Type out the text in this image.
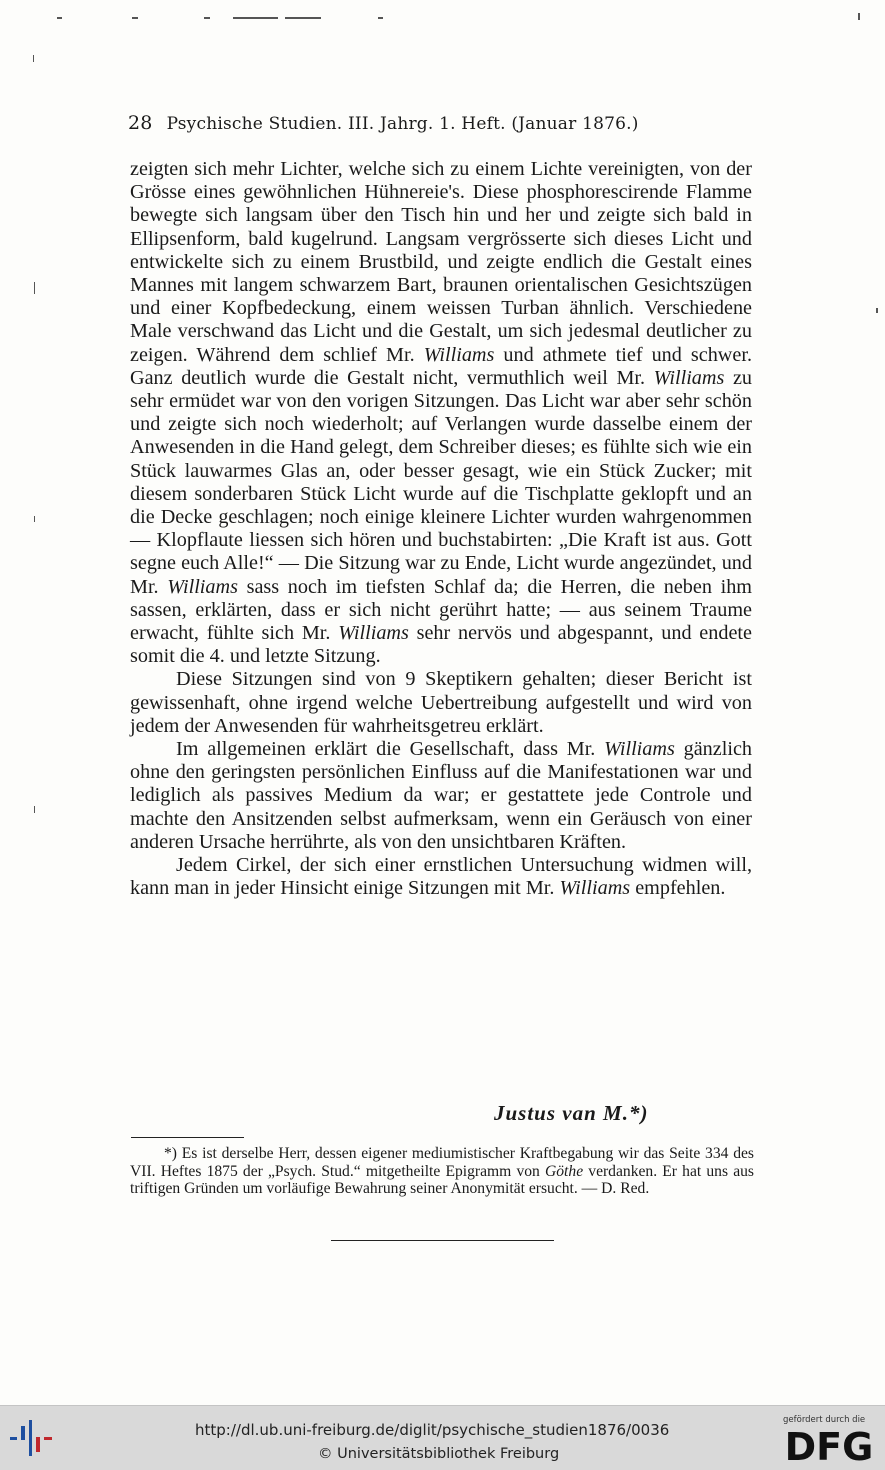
28 Psychische Studien. III. Jahrg. 1. Heft. (Januar 1876.)

zeigten sich mehr Lichter, welche sich zu einem Lichte vereinigten, von der Grösse eines gewöhnlichen Hühnereie's. Diese phosphorescirende Flamme bewegte sich langsam über den Tisch hin und her und zeigte sich bald in Ellipsenform, bald kugelrund. Langsam vergrösserte sich dieses Licht und entwickelte sich zu einem Brustbild, und zeigte endlich die Gestalt eines Mannes mit langem schwarzem Bart, braunen orientalischen Gesichtszügen und einer Kopfbedeckung, einem weissen Turban ähnlich. Verschiedene Male verschwand das Licht und die Gestalt, um sich jedesmal deutlicher zu zeigen. Während dem schlief Mr. Williams und athmete tief und schwer. Ganz deutlich wurde die Gestalt nicht, vermuthlich weil Mr. Williams zu sehr ermüdet war von den vorigen Sitzungen. Das Licht war aber sehr schön und zeigte sich noch wiederholt; auf Verlangen wurde dasselbe einem der Anwesenden in die Hand gelegt, dem Schreiber dieses; es fühlte sich wie ein Stück lauwarmes Glas an, oder besser gesagt, wie ein Stück Zucker; mit diesem sonderbaren Stück Licht wurde auf die Tischplatte geklopft und an die Decke geschlagen; noch einige kleinere Lichter wurden wahrgenommen — Klopflaute liessen sich hören und buchstabirten: „Die Kraft ist aus. Gott segne euch Alle!“ — Die Sitzung war zu Ende, Licht wurde angezündet, und Mr. Williams sass noch im tiefsten Schlaf da; die Herren, die neben ihm sassen, erklärten, dass er sich nicht gerührt hatte; — aus seinem Traume erwacht, fühlte sich Mr. Williams sehr nervös und abgespannt, und endete somit die 4. und letzte Sitzung.

Diese Sitzungen sind von 9 Skeptikern gehalten; dieser Bericht ist gewissenhaft, ohne irgend welche Uebertreibung aufgestellt und wird von jedem der Anwesenden für wahrheitsgetreu erklärt.

Im allgemeinen erklärt die Gesellschaft, dass Mr. Williams gänzlich ohne den geringsten persönlichen Einfluss auf die Manifestationen war und lediglich als passives Medium da war; er gestattete jede Controle und machte den Ansitzenden selbst aufmerksam, wenn ein Geräusch von einer anderen Ursache herrührte, als von den unsichtbaren Kräften.

Jedem Cirkel, der sich einer ernstlichen Untersuchung widmen will, kann man in jeder Hinsicht einige Sitzungen mit Mr. Williams empfehlen.

Justus van M.*)

*) Es ist derselbe Herr, dessen eigener mediumistischer Kraftbegabung wir das Seite 334 des VII. Heftes 1875 der „Psych. Stud.“ mitgetheilte Epigramm von Göthe verdanken. Er hat uns aus triftigen Gründen um vorläufige Bewahrung seiner Anonymität ersucht. — D. Red.

http://dl.ub.uni-freiburg.de/diglit/psychische_studien1876/0036
© Universitätsbibliothek Freiburg
gefördert durch die
DFG
